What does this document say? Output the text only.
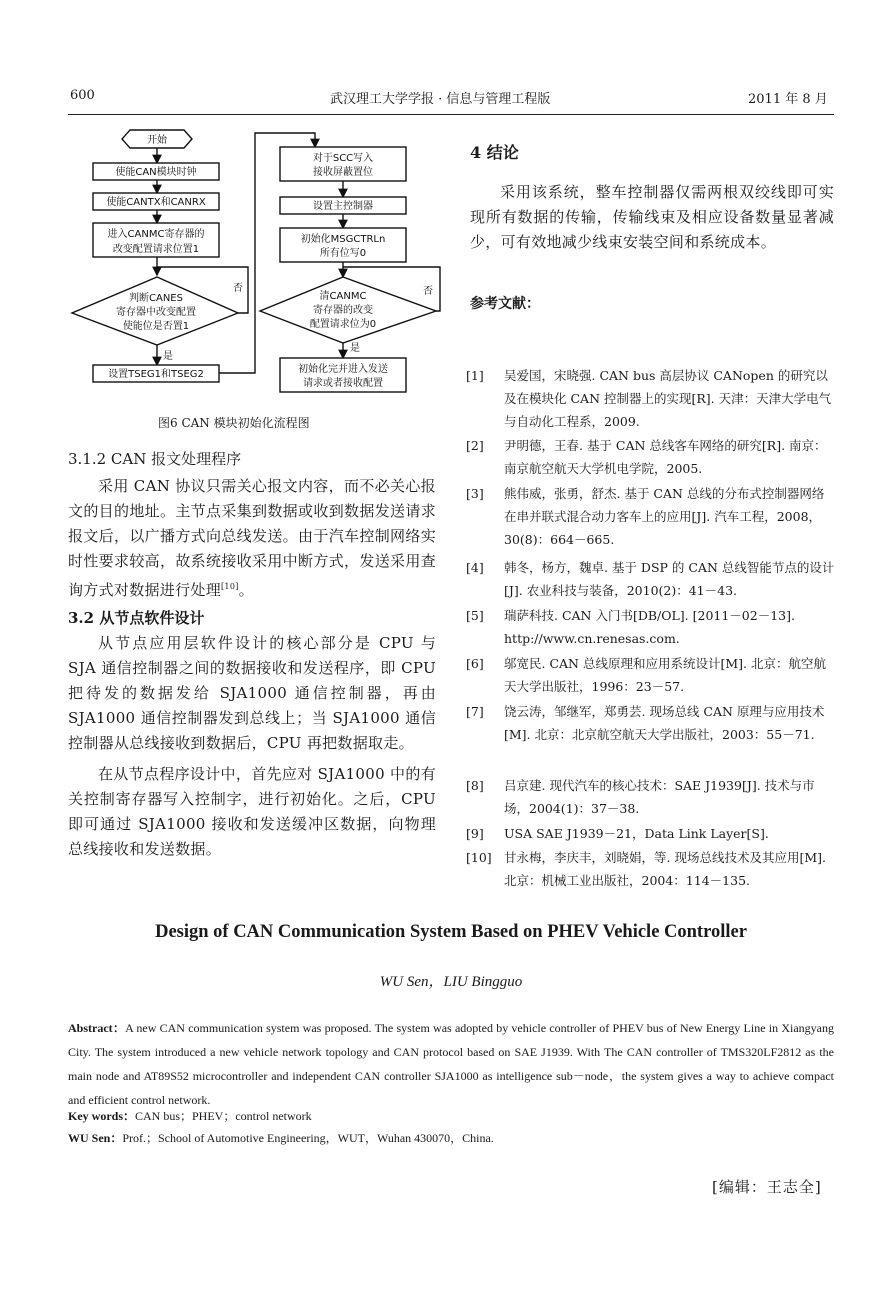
600	武汉理工大学学报 · 信息与管理工程版	2011 年 8 月
开始
使能CAN模块时钟
使能CANTX和CANRX
进入CANMC寄存器的
改变配置请求位置1
判断CANES
寄存器中改变配置
使能位是否置1
设置TSEG1和TSEG2
对于SCC写入
接收屏蔽置位
设置主控制器
初始化MSGCTRLn
所有位写0
清CANMC
寄存器的改变
配置请求位为0
初始化完并进入发送
请求或者接收配置
否
是
否
是
图6 CAN 模块初始化流程图

3.1.2 CAN 报文处理程序

采用 CAN 协议只需关心报文内容，而不必关心报文的目的地址。主节点采集到数据或收到数据发送请求报文后，以广播方式向总线发送。由于汽车控制网络实时性要求较高，故系统接收采用中断方式，发送采用查询方式对数据进行处理[10]。

3.2 从节点软件设计

从节点应用层软件设计的核心部分是 CPU 与 SJA 通信控制器之间的数据接收和发送程序，即 CPU 把待发的数据发给 SJA1000 通信控制器，再由 SJA1000 通信控制器发到总线上；当 SJA1000 通信控制器从总线接收到数据后，CPU 再把数据取走。

在从节点程序设计中，首先应对 SJA1000 中的有关控制寄存器写入控制字，进行初始化。之后，CPU 即可通过 SJA1000 接收和发送缓冲区数据，向物理总线接收和发送数据。

4 结论

采用该系统，整车控制器仅需两根双绞线即可实现所有数据的传输，传输线束及相应设备数量显著减少，可有效地减少线束安装空间和系统成本。

参考文献：

[1]	吴爱国，宋晓强. CAN bus 高层协议 CANopen 的研究以及在模块化 CAN 控制器上的实现[R]. 天津：天津大学电气与自动化工程系，2009.
[2]	尹明德，王春. 基于 CAN 总线客车网络的研究[R]. 南京：南京航空航天大学机电学院，2005.
[3]	熊伟威，张勇，舒杰. 基于 CAN 总线的分布式控制器网络在串并联式混合动力客车上的应用[J]. 汽车工程，2008，30(8)：664－665.
[4]	韩冬，杨方，魏卓. 基于 DSP 的 CAN 总线智能节点的设计[J]. 农业科技与装备，2010(2)：41－43.
[5]	瑞萨科技. CAN 入门书[DB/OL]. [2011－02－13]. http://www.cn.renesas.com.
[6]	邬宽民. CAN 总线原理和应用系统设计[M]. 北京：航空航天大学出版社，1996：23－57.
[7]	饶云涛，邹继军，郑勇芸. 现场总线 CAN 原理与应用技术[M]. 北京：北京航空航天大学出版社，2003：55－71.
[8]	吕京建. 现代汽车的核心技术：SAE J1939[J]. 技术与市场，2004(1)：37－38.
[9]	USA SAE J1939－21，Data Link Layer[S].
[10] 甘永梅，李庆丰，刘晓娟，等. 现场总线技术及其应用[M]. 北京：机械工业出版社，2004：114－135.
Design of CAN Communication System Based on PHEV Vehicle Controller
WU Sen，LIU Bingguo
Abstract：A new CAN communication system was proposed. The system was adopted by vehicle controller of PHEV bus of New Energy Line in Xiangyang City. The system introduced a new vehicle network topology and CAN protocol based on SAE J1939. With The CAN controller of TMS320LF2812 as the main node and AT89S52 microcontroller and independent CAN controller SJA1000 as intelligence sub－node，the system gives a way to achieve compact and efficient control network.
Key words：CAN bus；PHEV；control network
WU Sen：Prof.；School of Automotive Engineering，WUT，Wuhan 430070，China.
[编辑：王志全]
